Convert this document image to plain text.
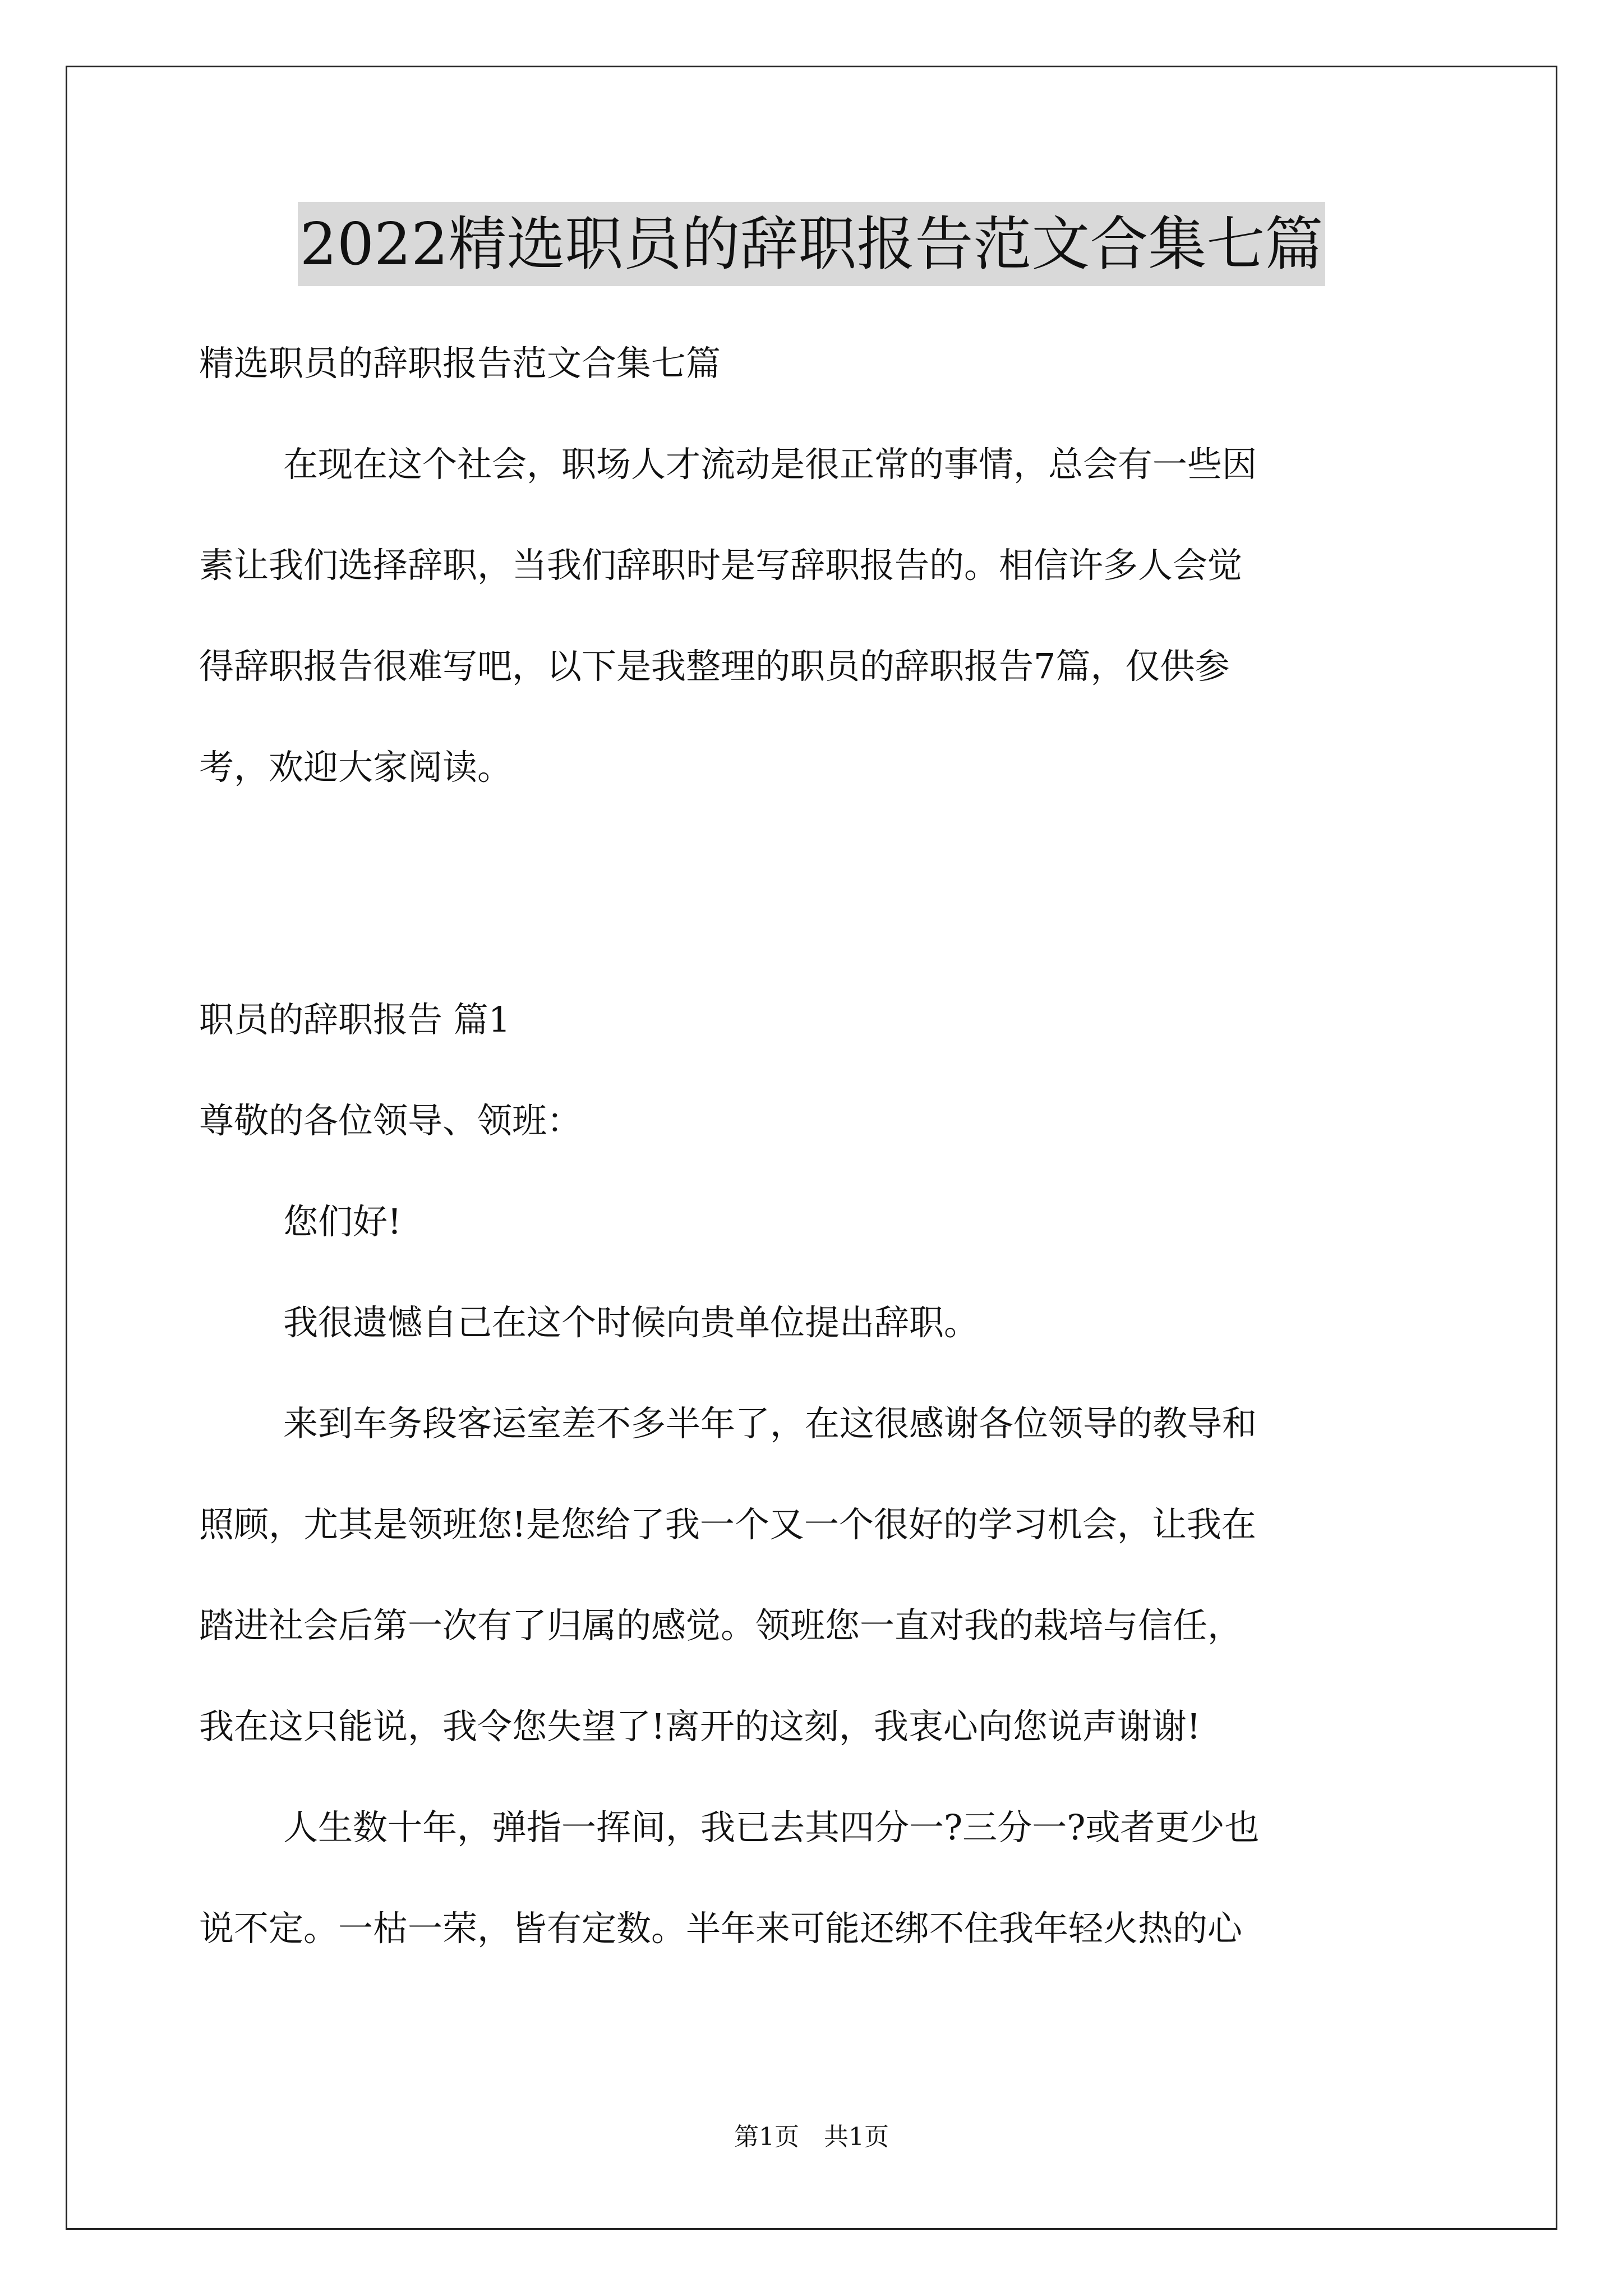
2022精选职员的辞职报告范文合集七篇
精选职员的辞职报告范文合集七篇
在现在这个社会，职场人才流动是很正常的事情，总会有一些因
素让我们选择辞职，当我们辞职时是写辞职报告的。相信许多人会觉
得辞职报告很难写吧，以下是我整理的职员的辞职报告7篇，仅供参
考，欢迎大家阅读。
职员的辞职报告 篇1
尊敬的各位领导、领班：
您们好!
我很遗憾自己在这个时候向贵单位提出辞职。
来到车务段客运室差不多半年了，在这很感谢各位领导的教导和
照顾，尤其是领班您!是您给了我一个又一个很好的学习机会，让我在
踏进社会后第一次有了归属的感觉。领班您一直对我的栽培与信任，
我在这只能说，我令您失望了!离开的这刻，我衷心向您说声谢谢!
人生数十年，弹指一挥间，我已去其四分一?三分一?或者更少也
说不定。一枯一荣，皆有定数。半年来可能还绑不住我年轻火热的心
第1页　共1页
